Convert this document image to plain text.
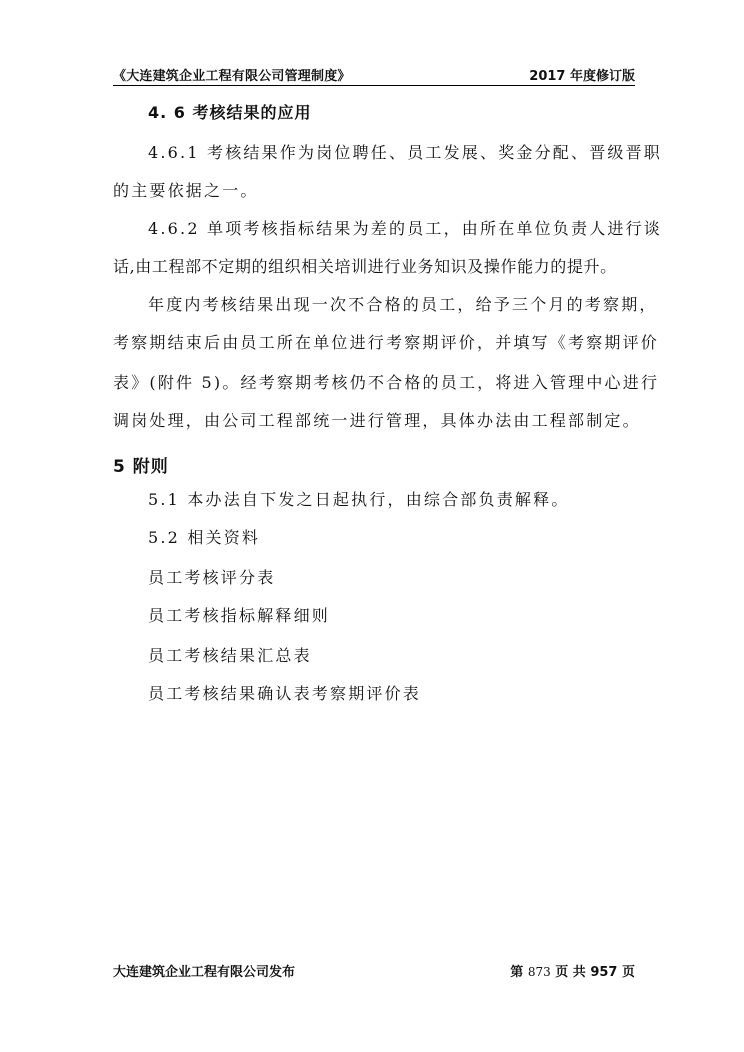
《大连建筑企业工程有限公司管理制度》	2017 年度修订版
4. 6 考核结果的应用
4.6.1 考核结果作为岗位聘任、员工发展、奖金分配、晋级晋职
的主要依据之一。
4.6.2 单项考核指标结果为差的员工，由所在单位负责人进行谈
话,由工程部不定期的组织相关培训进行业务知识及操作能力的提升。
年度内考核结果出现一次不合格的员工，给予三个月的考察期，
考察期结束后由员工所在单位进行考察期评价，并填写《考察期评价
表》(附件 5)。经考察期考核仍不合格的员工，将进入管理中心进行
调岗处理，由公司工程部统一进行管理，具体办法由工程部制定。
5 附则
5.1 本办法自下发之日起执行，由综合部负责解释。
5.2 相关资料
员工考核评分表
员工考核指标解释细则
员工考核结果汇总表
员工考核结果确认表考察期评价表
大连建筑企业工程有限公司发布	第 873 页 共 957 页
